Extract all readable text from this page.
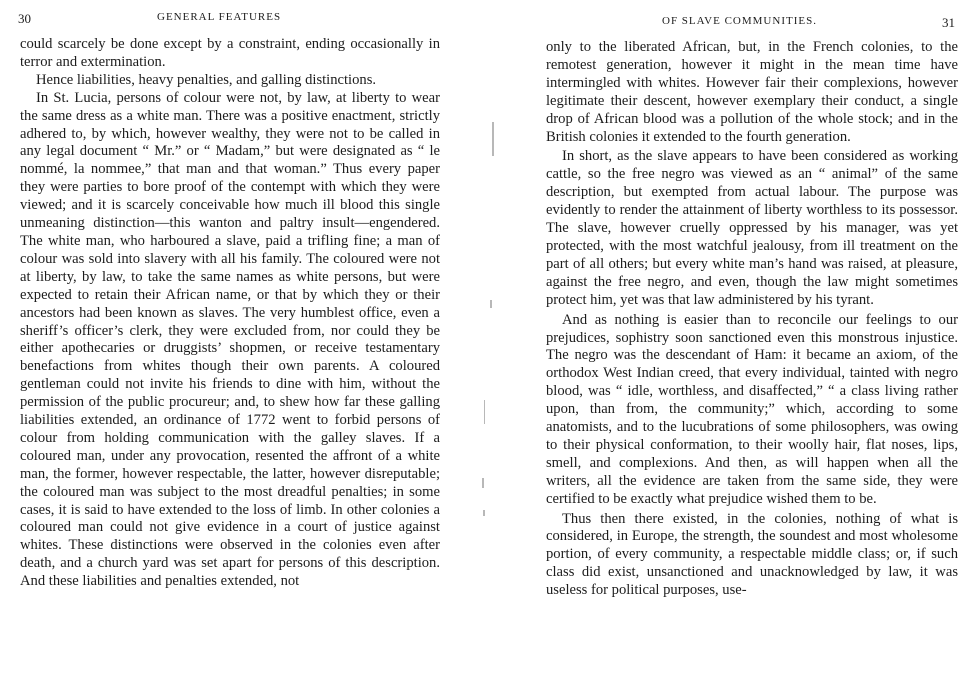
30	GENERAL FEATURES

could scarcely be done except by a constraint, ending occasionally in terror and extermination.

Hence liabilities, heavy penalties, and galling distinctions.

In St. Lucia, persons of colour were not, by law, at liberty to wear the same dress as a white man. There was a positive enactment, strictly adhered to, by which, however wealthy, they were not to be called in any legal document “ Mr.” or “ Madam,” but were designated as “ le nommé, la nommee,” that man and that woman.” Thus every paper they were parties to bore proof of the contempt with which they were viewed; and it is scarcely conceivable how much ill blood this single unmeaning distinction—this wanton and paltry insult—engendered. The white man, who harboured a slave, paid a trifling fine; a man of colour was sold into slavery with all his family. The coloured were not at liberty, by law, to take the same names as white persons, but were expected to retain their African name, or that by which they or their ancestors had been known as slaves. The very humblest office, even a sheriff’s officer’s clerk, they were excluded from, nor could they be either apothecaries or druggists’ shopmen, or receive testamentary benefactions from whites though their own parents. A coloured gentleman could not invite his friends to dine with him, without the permission of the public procureur; and, to shew how far these galling liabilities extended, an ordinance of 1772 went to forbid persons of colour from holding communication with the galley slaves. If a coloured man, under any provocation, resented the affront of a white man, the former, however respectable, the latter, however disreputable; the coloured man was subject to the most dreadful penalties; in some cases, it is said to have extended to the loss of limb. In other colonies a coloured man could not give evidence in a court of justice against whites. These distinctions were observed in the colonies even after death, and a church yard was set apart for persons of this description. And these liabilities and penalties extended, not

OF SLAVE COMMUNITIES.	31

only to the liberated African, but, in the French colonies, to the remotest generation, however it might in the mean time have intermingled with whites. However fair their complexions, however legitimate their descent, however exemplary their conduct, a single drop of African blood was a pollution of the whole stock; and in the British colonies it extended to the fourth generation.

In short, as the slave appears to have been considered as working cattle, so the free negro was viewed as an “ animal” of the same description, but exempted from actual labour. The purpose was evidently to render the attainment of liberty worthless to its possessor. The slave, however cruelly oppressed by his manager, was yet protected, with the most watchful jealousy, from ill treatment on the part of all others; but every white man’s hand was raised, at pleasure, against the free negro, and even, though the law might sometimes protect him, yet was that law administered by his tyrant.

And as nothing is easier than to reconcile our feelings to our prejudices, sophistry soon sanctioned even this monstrous injustice. The negro was the descendant of Ham: it became an axiom, of the orthodox West Indian creed, that every individual, tainted with negro blood, was “ idle, worthless, and disaffected,” “ a class living rather upon, than from, the community;” which, according to some anatomists, and to the lucubrations of some philosophers, was owing to their physical conformation, to their woolly hair, flat noses, lips, smell, and complexions. And then, as will happen when all the writers, all the evidence are taken from the same side, they were certified to be exactly what prejudice wished them to be.

Thus then there existed, in the colonies, nothing of what is considered, in Europe, the strength, the soundest and most wholesome portion, of every community, a respectable middle class; or, if such class did exist, unsanctioned and unacknowledged by law, it was useless for political purposes, use-
